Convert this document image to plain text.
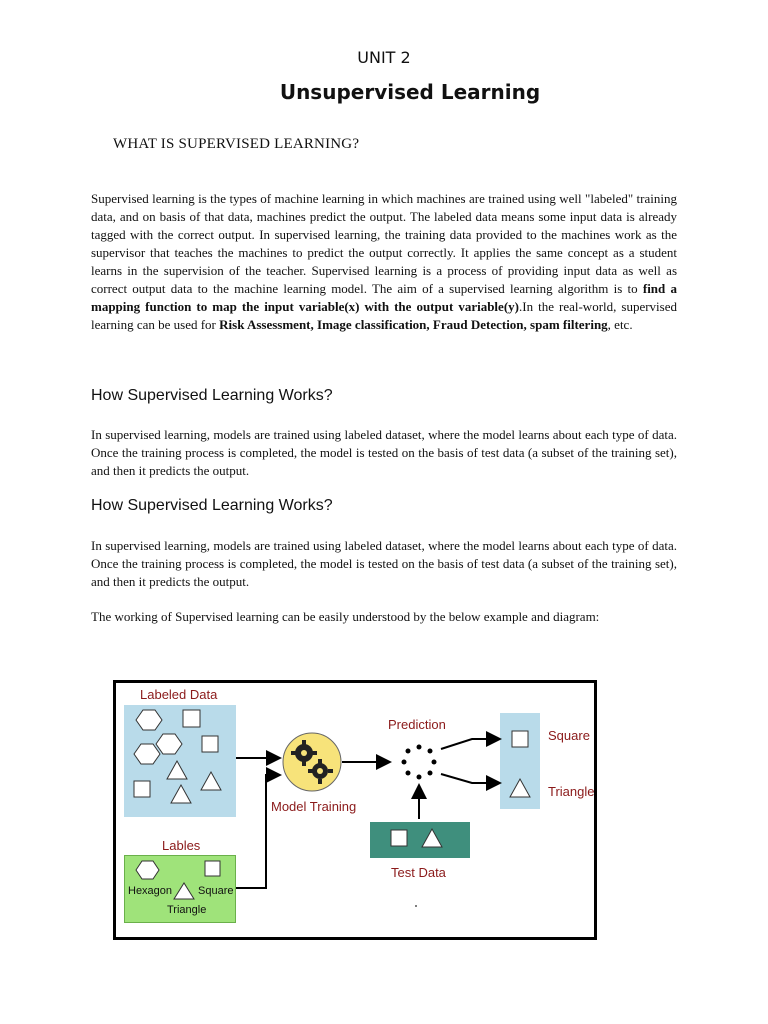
UNIT 2
Unsupervised Learning
WHAT IS SUPERVISED LEARNING?

Supervised learning is the types of machine learning in which machines are trained using well "labeled" training data, and on basis of that data, machines predict the output. The labeled data means some input data is already tagged with the correct output. In supervised learning, the training data provided to the machines work as the supervisor that teaches the machines to predict the output correctly. It applies the same concept as a student learns in the supervision of the teacher. Supervised learning is a process of providing input data as well as correct output data to the machine learning model. The aim of a supervised learning algorithm is to find a mapping function to map the input variable(x) with the output variable(y).In the real-world, supervised learning can be used for Risk Assessment, Image classification, Fraud Detection, spam filtering, etc.

How Supervised Learning Works?

In supervised learning, models are trained using labeled dataset, where the model learns about each type of data. Once the training process is completed, the model is tested on the basis of test data (a subset of the training set), and then it predicts the output.

How Supervised Learning Works?

In supervised learning, models are trained using labeled dataset, where the model learns about each type of data. Once the training process is completed, the model is tested on the basis of test data (a subset of the training set), and then it predicts the output.

The working of Supervised learning can be easily understood by the below example and diagram:

Labeled Data
Prediction
Model Training
Lables
Hexagon Square
Triangle
Test Data
Square
Triangle
